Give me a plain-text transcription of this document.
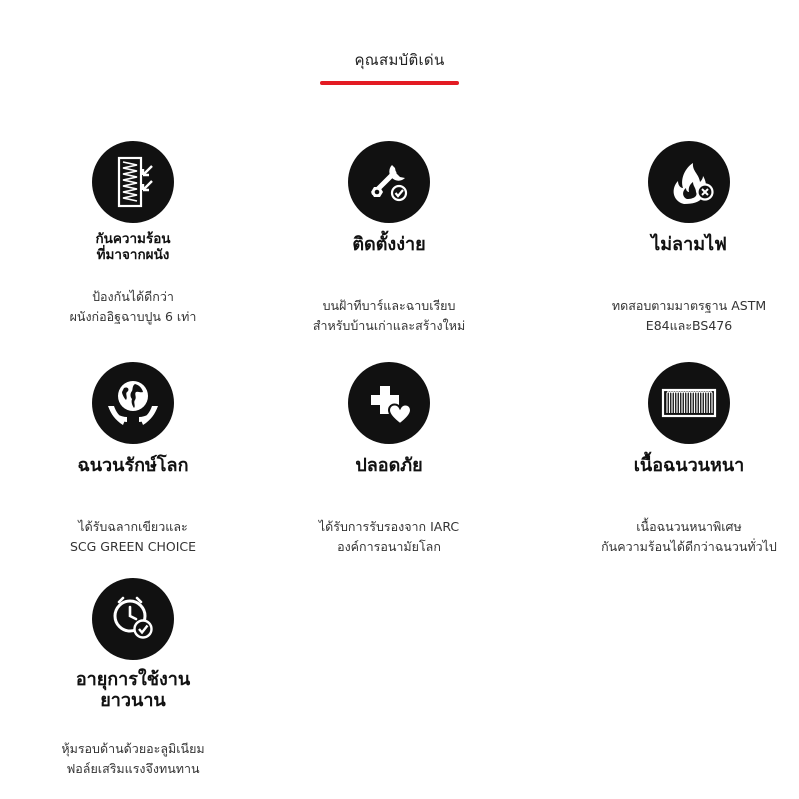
คุณสมบัติเด่น
กันความร้อน
ที่มาจากผนัง
ป้องกันได้ดีกว่า
ผนังก่ออิฐฉาบปูน 6 เท่า
ติดตั้งง่าย
บนฝ้าทีบาร์และฉาบเรียบ
สำหรับบ้านเก่าและสร้างใหม่
ไม่ลามไฟ
ทดสอบตามมาตรฐาน ASTM
E84และBS476
ฉนวนรักษ์โลก
ได้รับฉลากเขียวและ
SCG GREEN CHOICE
ปลอดภัย
ได้รับการรับรองจาก IARC
องค์การอนามัยโลก
เนื้อฉนวนหนา
เนื้อฉนวนหนาพิเศษ
กันความร้อนได้ดีกว่าฉนวนทั่วไป
อายุการใช้งาน
ยาวนาน
หุ้มรอบด้านด้วยอะลูมิเนียม
ฟอล์ยเสริมแรงจึงทนทาน
